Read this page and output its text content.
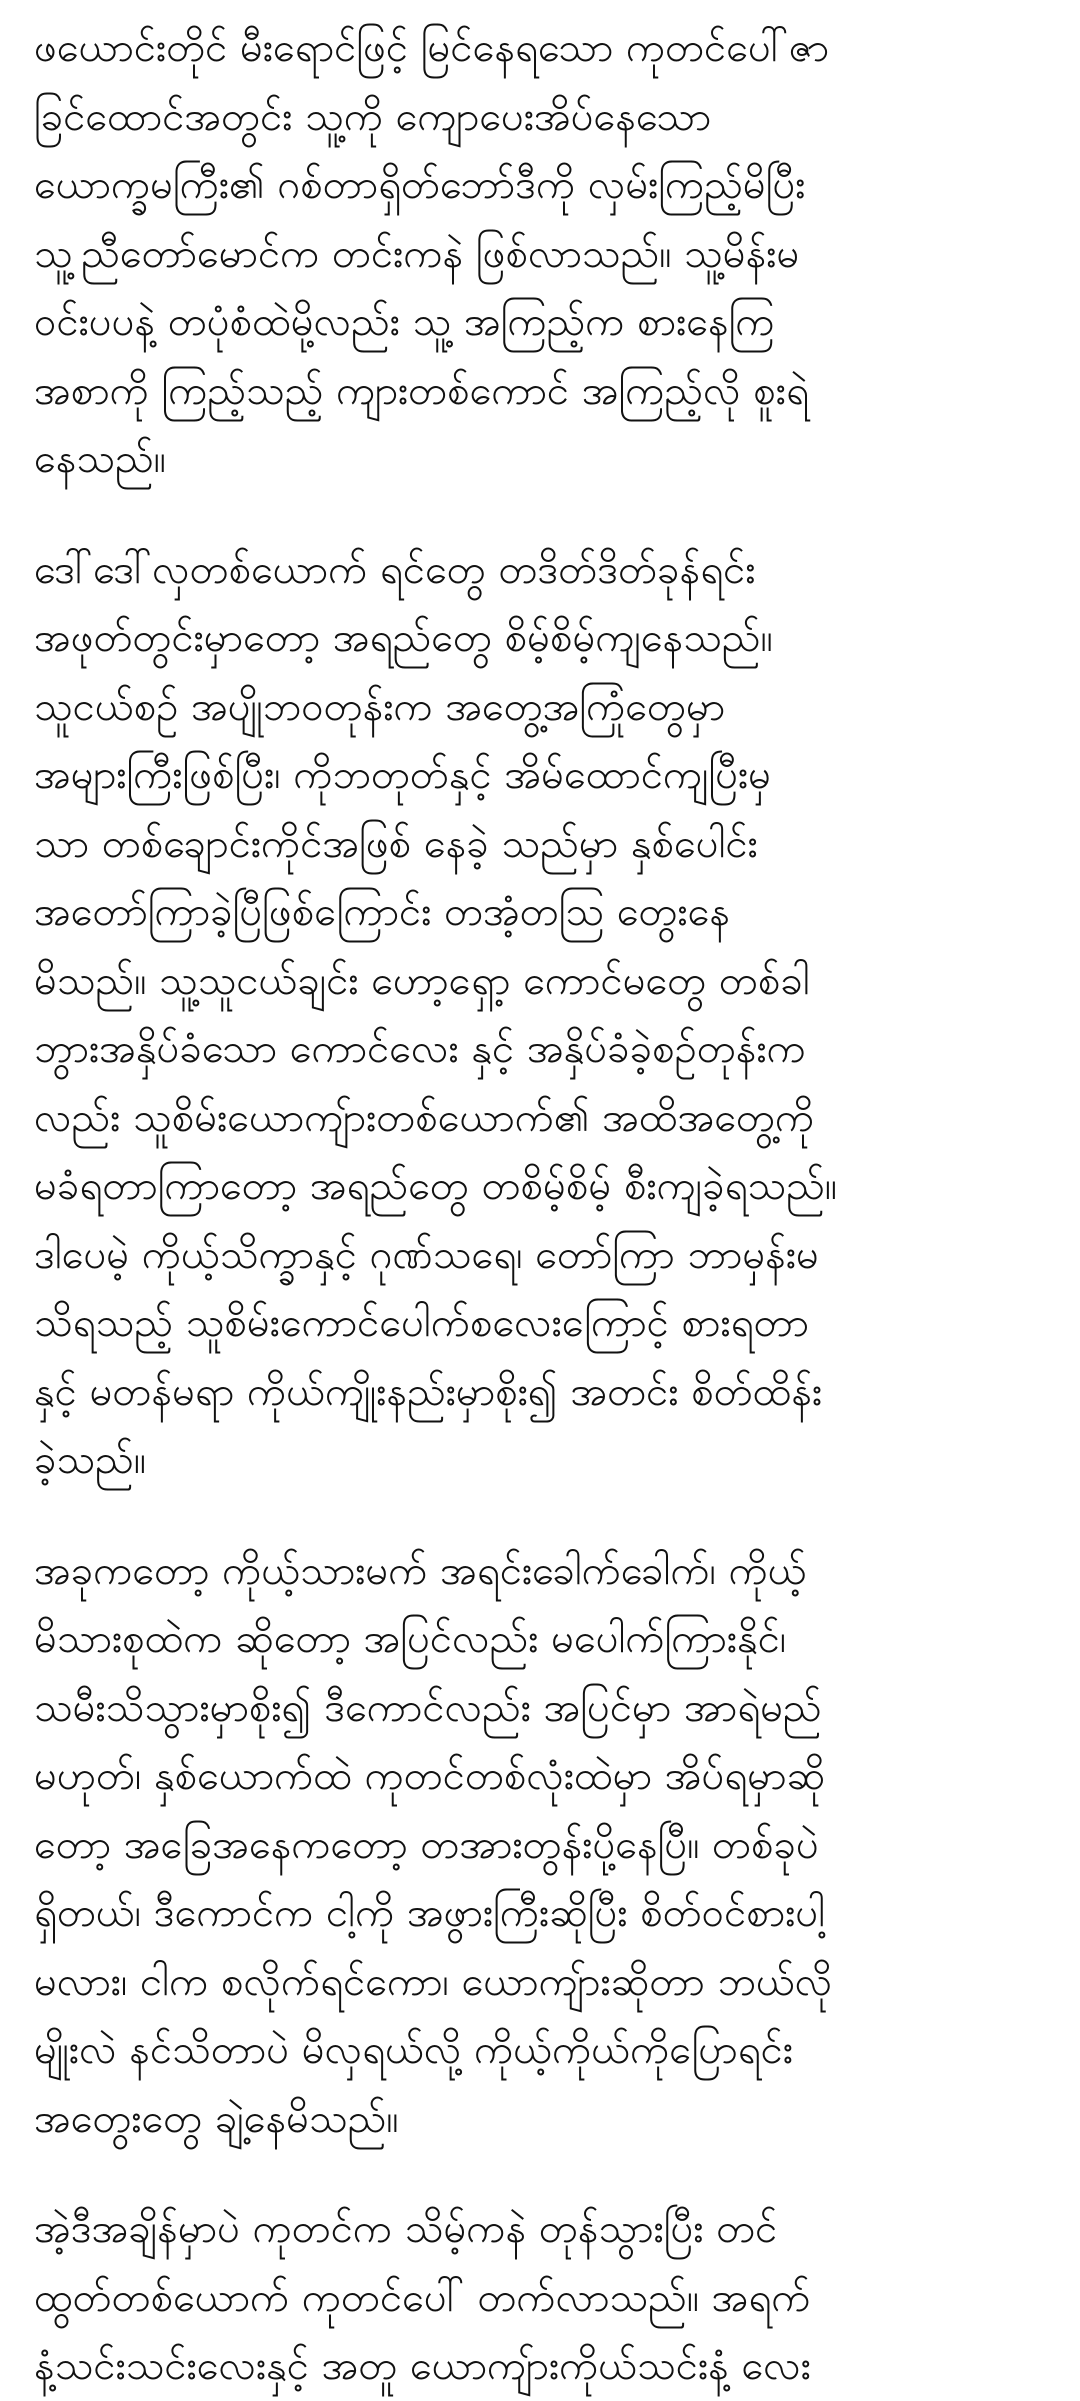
ဖယောင်းတိုင် မီးရောင်ဖြင့် မြင်နေရသော ကုတင်ပေါ်ဇာ
ခြင်ထောင်အတွင်း သူ့ကို ကျောပေးအိပ်နေသော
ယောက္ခမကြီး၏ ဂစ်တာရှိတ်ဘော်ဒီကို လှမ်းကြည့်မိပြီး
သူ့ညီတော်မောင်က တင်းကနဲ ဖြစ်လာသည်။ သူ့မိန်းမ
ဝင်းပပနဲ့ တပုံစံထဲမို့လည်း သူ့ အကြည့်က စားနေကြ
အစာကို ကြည့်သည့် ကျားတစ်ကောင် အကြည့်လို စူးရဲ
နေသည်။

ဒေါ်ဒေါ်လှတစ်ယောက် ရင်တွေ တဒိတ်ဒိတ်ခုန်ရင်း
အဖုတ်တွင်းမှာတော့ အရည်တွေ စိမ့်စိမ့်ကျနေသည်။
သူငယ်စဥ် အပျိုဘဝတုန်းက အတွေ့အကြုံတွေမှာ
အများကြီးဖြစ်ပြီး၊ ကိုဘတုတ်နှင့် အိမ်ထောင်ကျပြီးမှ
သာ တစ်ချောင်းကိုင်အဖြစ် နေခဲ့ သည်မှာ နှစ်ပေါင်း
အတော်ကြာခဲ့ပြီဖြစ်ကြောင်း တအံ့တသြ တွေးနေ
မိသည်။ သူ့သူငယ်ချင်း ဟော့ရှော့ ကောင်မတွေ တစ်ခါ
ဘွားအနှိပ်ခံသော ကောင်လေး နှင့် အနှိပ်ခံခဲ့စဥ်တုန်းက
လည်း သူစိမ်းယောကျ်ားတစ်ယောက်၏ အထိအတွေ့ကို
မခံရတာကြာတော့ အရည်တွေ တစိမ့်စိမ့် စီးကျခဲ့ရသည်။
ဒါပေမဲ့ ကိုယ့်သိက္ခာနှင့် ဂုဏ်သရေ၊ တော်ကြာ ဘာမှန်းမ
သိရသည့် သူစိမ်းကောင်ပေါက်စလေးကြောင့် စားရတာ
နှင့် မတန်မရာ ကိုယ်ကျိုးနည်းမှာစိုး၍ အတင်း စိတ်ထိန်း
ခဲ့သည်။

အခုကတော့ ကိုယ့်သားမက် အရင်းခေါက်ခေါက်၊ ကိုယ့်
မိသားစုထဲက ဆိုတော့ အပြင်လည်း မပေါက်ကြားနိုင်၊
သမီးသိသွားမှာစိုး၍ ဒီကောင်လည်း အပြင်မှာ အာရဲမည်
မဟုတ်၊ နှစ်ယောက်ထဲ ကုတင်တစ်လုံးထဲမှာ အိပ်ရမှာဆို
တော့ အခြေအနေကတော့ တအားတွန်းပို့နေပြီ။ တစ်ခုပဲ
ရှိတယ်၊ ဒီကောင်က ငါ့ကို အဖွားကြီးဆိုပြီး စိတ်ဝင်စားပါ့
မလား၊ ငါက စလိုက်ရင်ကော၊ ယောကျ်ားဆိုတာ ဘယ်လို
မျိုးလဲ နင်သိတာပဲ မိလှရယ်လို့ ကိုယ့်ကိုယ်ကိုပြောရင်း
အတွေးတွေ ချဲ့နေမိသည်။

အဲ့ဒီအချိန်မှာပဲ ကုတင်က သိမ့်ကနဲ တုန်သွားပြီး တင်
ထွတ်တစ်ယောက် ကုတင်ပေါ် တက်လာသည်။ အရက်
နံ့သင်းသင်းလေးနှင့် အတူ ယောကျ်ားကိုယ်သင်းနံ့ လေး
